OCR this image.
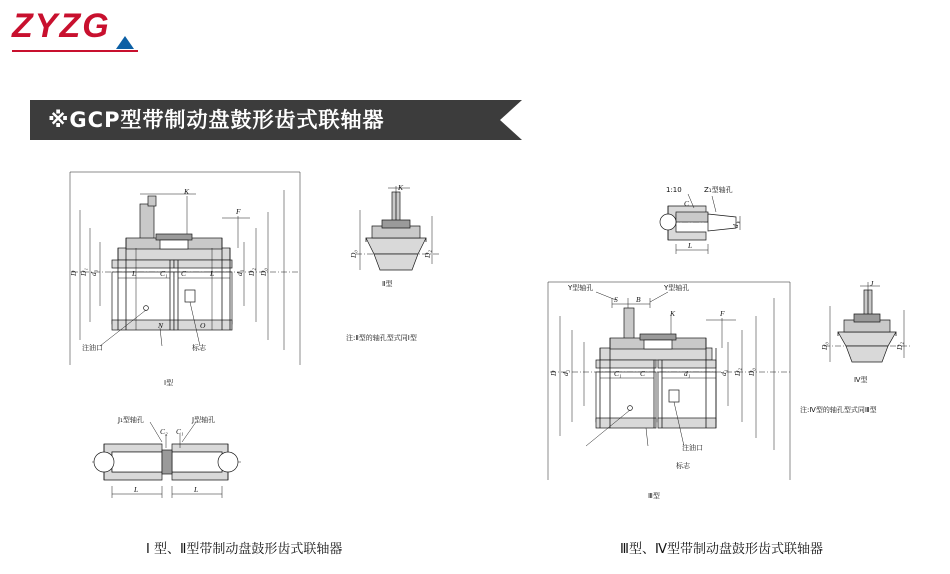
ZYZG
※GCP型带制动盘鼓形齿式联轴器
K
F
D D₁ d₁	L	C₁ C	L	d₁ D₂ D₀
O
N
注油口	标志
Ⅰ型
K
D₀	D₂
Ⅱ型
注:Ⅱ型的轴孔型式同Ⅰ型
J₁型轴孔	J型轴孔
C₂ C₁
L	L
1:10	Z₁型轴孔
C
L
d₁
Y型轴孔	Y型轴孔
S B
K	F
D d₁	C₁ C	d₁	d₁ D₂ D₀
注油口
标志
Ⅲ型
J
D₀	D₂
Ⅳ型
注:Ⅳ型的轴孔型式同Ⅲ型
Ⅰ 型、Ⅱ型带制动盘鼓形齿式联轴器	Ⅲ型、Ⅳ型带制动盘鼓形齿式联轴器
